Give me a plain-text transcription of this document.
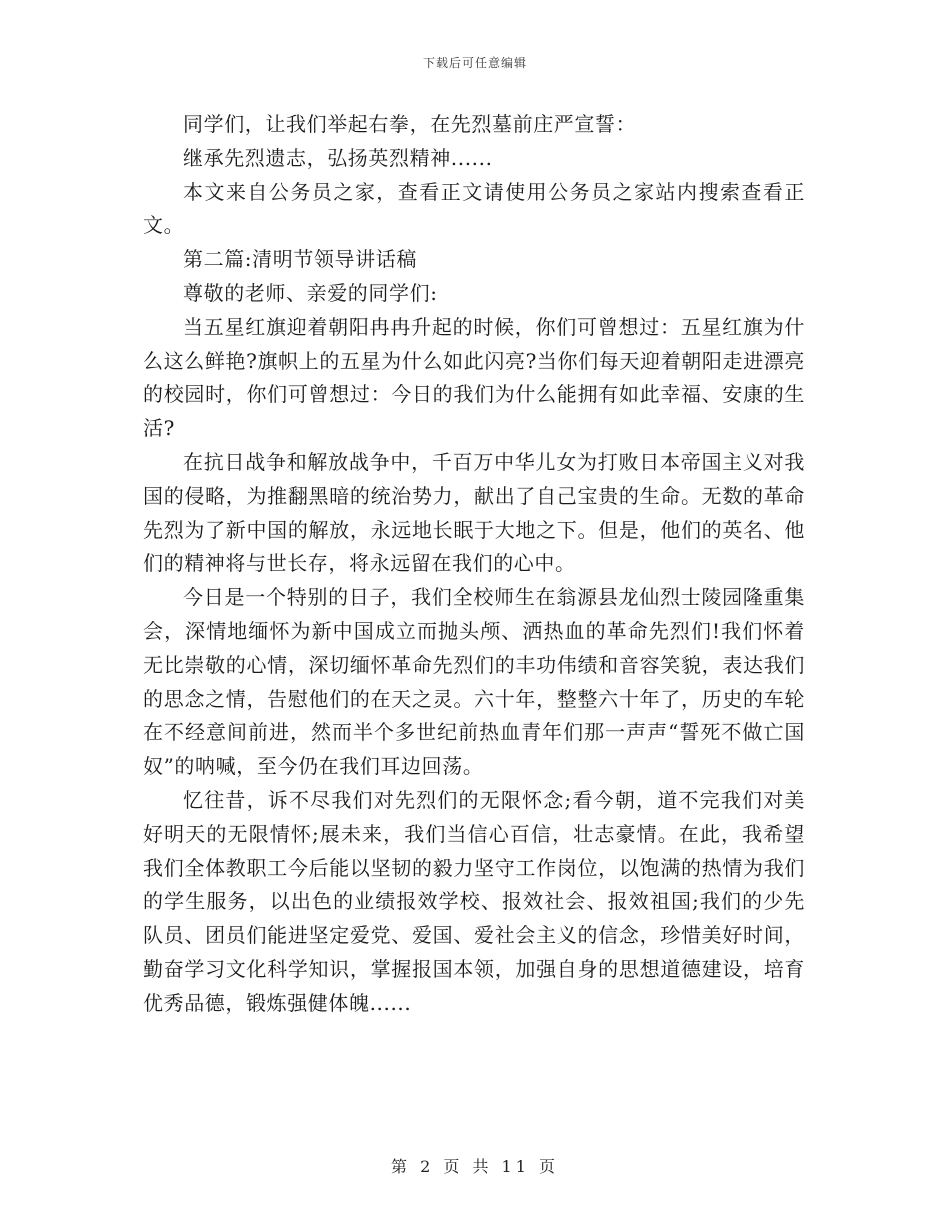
下载后可任意编辑

同学们，让我们举起右拳，在先烈墓前庄严宣誓：

继承先烈遗志，弘扬英烈精神......

本文来自公务员之家，查看正文请使用公务员之家站内搜索查看正文。

第二篇:清明节领导讲话稿

尊敬的老师、亲爱的同学们:

当五星红旗迎着朝阳冉冉升起的时候，你们可曾想过：五星红旗为什么这么鲜艳?旗帜上的五星为什么如此闪亮?当你们每天迎着朝阳走进漂亮的校园时，你们可曾想过：今日的我们为什么能拥有如此幸福、安康的生活?

在抗日战争和解放战争中，千百万中华儿女为打败日本帝国主义对我国的侵略，为推翻黑暗的统治势力，献出了自己宝贵的生命。无数的革命先烈为了新中国的解放，永远地长眠于大地之下。但是，他们的英名、他们的精神将与世长存，将永远留在我们的心中。

今日是一个特别的日子，我们全校师生在翁源县龙仙烈士陵园隆重集会，深情地缅怀为新中国成立而抛头颅、洒热血的革命先烈们!我们怀着无比崇敬的心情，深切缅怀革命先烈们的丰功伟绩和音容笑貌，表达我们的思念之情，告慰他们的在天之灵。六十年，整整六十年了，历史的车轮在不经意间前进，然而半个多世纪前热血青年们那一声声“誓死不做亡国奴”的呐喊，至今仍在我们耳边回荡。

忆往昔，诉不尽我们对先烈们的无限怀念;看今朝，道不完我们对美好明天的无限情怀;展未来，我们当信心百信，壮志豪情。在此，我希望我们全体教职工今后能以坚韧的毅力坚守工作岗位，以饱满的热情为我们的学生服务，以出色的业绩报效学校、报效社会、报效祖国;我们的少先队员、团员们能进坚定爱党、爱国、爱社会主义的信念，珍惜美好时间，勤奋学习文化科学知识，掌握报国本领，加强自身的思想道德建设，培育优秀品德，锻炼强健体魄......

第 2 页 共 11 页
